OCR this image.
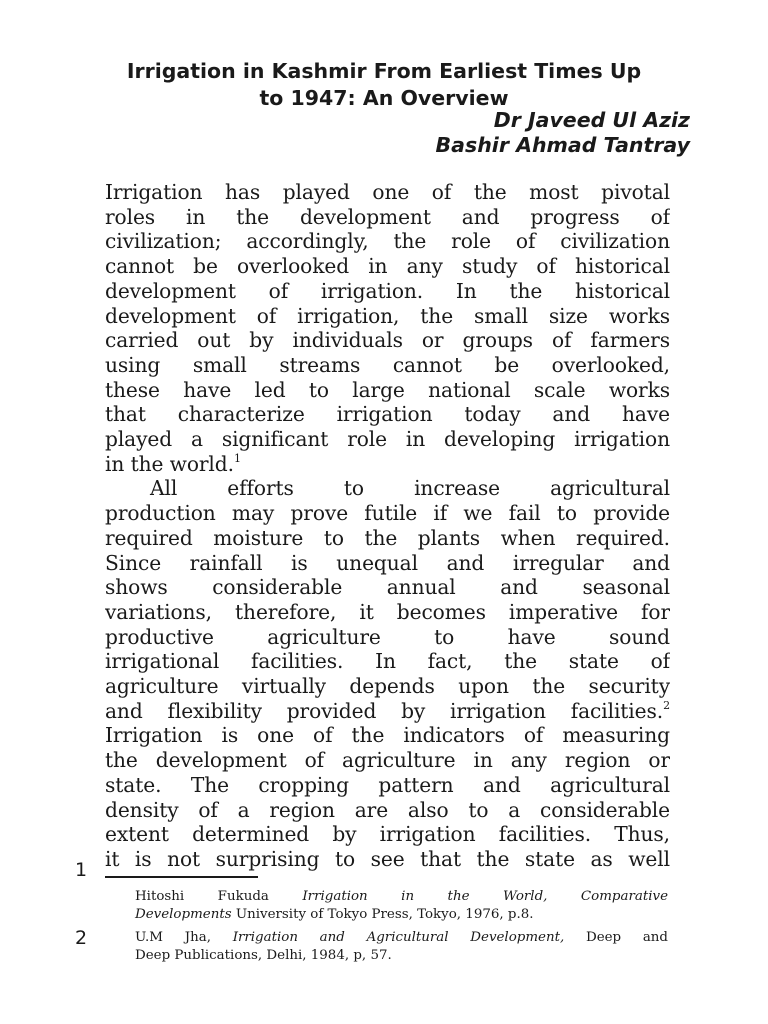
Irrigation in Kashmir From Earliest Times Up
to 1947: An Overview
Dr Javeed Ul Aziz
Bashir Ahmad Tantray
Irrigation has played one of the most pivotal
roles in the development and progress of
civilization; accordingly, the role of civilization
cannot be overlooked in any study of historical
development of irrigation. In the historical
development of irrigation, the small size works
carried out by individuals or groups of farmers
using small streams cannot be overlooked,
these have led to large national scale works
that characterize irrigation today and have
played a significant role in developing irrigation
in the world.$^1$
All efforts to increase agricultural
production may prove futile if we fail to provide
required moisture to the plants when required.
Since rainfall is unequal and irregular and
shows considerable annual and seasonal
variations, therefore, it becomes imperative for
productive agriculture to have sound
irrigational facilities. In fact, the state of
agriculture virtually depends upon the security
and flexibility provided by irrigation facilities.$^2$
Irrigation is one of the indicators of measuring
the development of agriculture in any region or
state. The cropping pattern and agricultural
density of a region are also to a considerable
extent determined by irrigation facilities. Thus,
it is not surprising to see that the state as well
1
Hitoshi Fukuda	Irrigation in the World, Comparative
Developments University of Tokyo Press, Tokyo, 1976, p.8.
2	U.M Jha, Irrigation and Agricultural Development, Deep and
Deep Publications, Delhi, 1984, p, 57.
